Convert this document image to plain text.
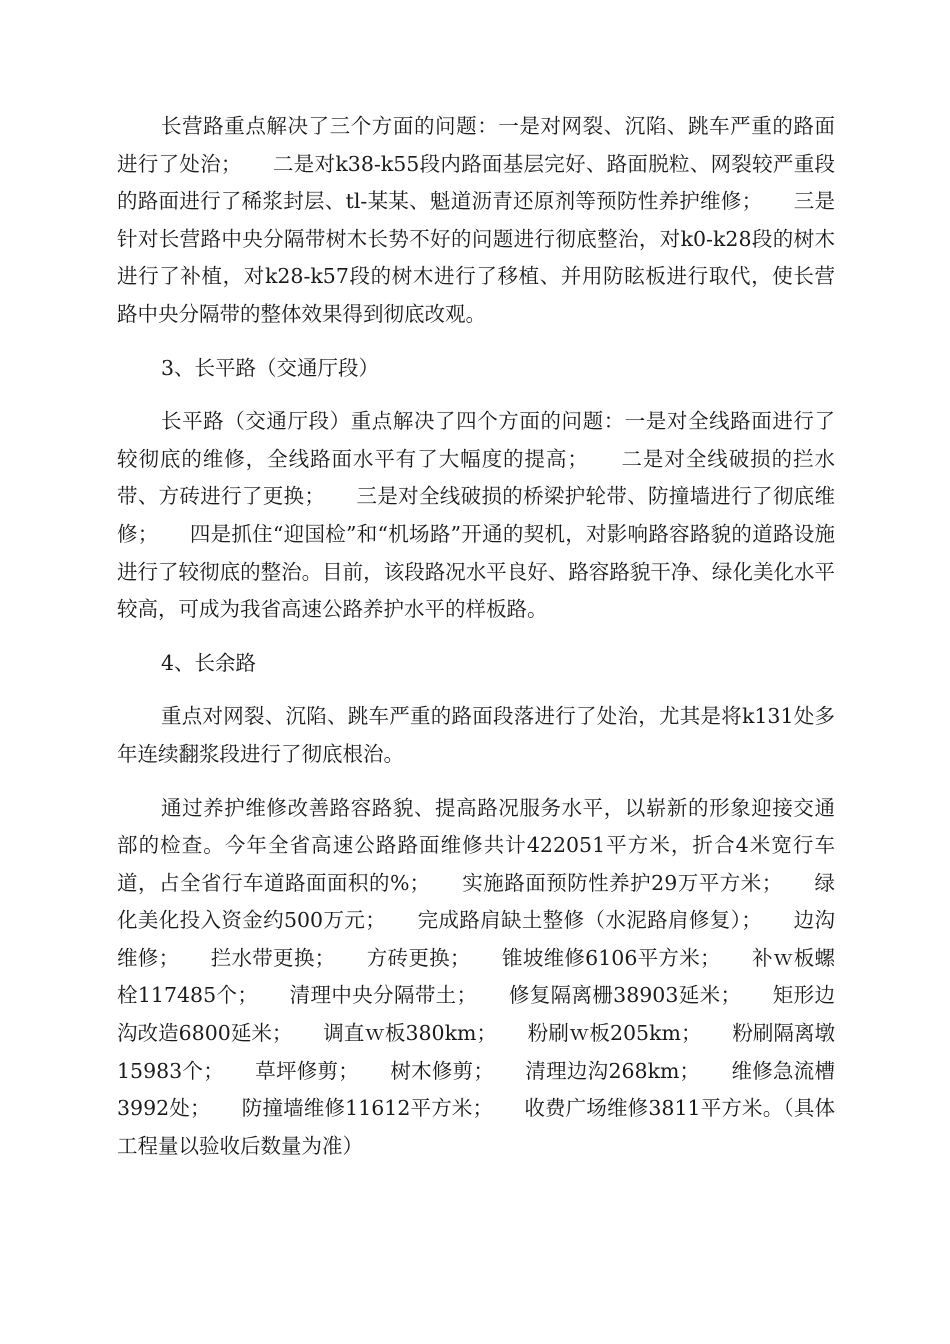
长营路重点解决了三个方面的问题：一是对网裂、沉陷、跳车严重的路面进行了处治；　　二是对k38-k55段内路面基层完好、路面脱粒、网裂较严重段的路面进行了稀浆封层、tl-某某、魁道沥青还原剂等预防性养护维修；　　三是针对长营路中央分隔带树木长势不好的问题进行彻底整治，对k0-k28段的树木进行了补植，对k28-k57段的树木进行了移植、并用防眩板进行取代，使长营路中央分隔带的整体效果得到彻底改观。

3、长平路（交通厅段）

长平路（交通厅段）重点解决了四个方面的问题：一是对全线路面进行了较彻底的维修，全线路面水平有了大幅度的提高；　　二是对全线破损的拦水带、方砖进行了更换；　　三是对全线破损的桥梁护轮带、防撞墙进行了彻底维修；　　四是抓住“迎国检”和“机场路”开通的契机，对影响路容路貌的道路设施进行了较彻底的整治。目前，该段路况水平良好、路容路貌干净、绿化美化水平较高，可成为我省高速公路养护水平的样板路。

4、长余路

重点对网裂、沉陷、跳车严重的路面段落进行了处治，尤其是将k131处多年连续翻浆段进行了彻底根治。

通过养护维修改善路容路貌、提高路况服务水平，以崭新的形象迎接交通部的检查。今年全省高速公路路面维修共计422051平方米，折合4米宽行车道，占全省行车道路面面积的%；　　实施路面预防性养护29万平方米；　　绿化美化投入资金约500万元；　　完成路肩缺土整修（水泥路肩修复）；　　边沟维修；　　拦水带更换；　　方砖更换；　　锥坡维修6106平方米；　　补ｗ板螺栓117485个；　　清理中央分隔带土；　　修复隔离栅38903延米；　　矩形边沟改造6800延米；　　调直ｗ板380km；　　粉刷ｗ板205km；　　粉刷隔离墩15983个；　　草坪修剪；　　树木修剪；　　清理边沟268km；　　维修急流槽3992处；　　防撞墙维修11612平方米；　　收费广场维修3811平方米。（具体工程量以验收后数量为准）
